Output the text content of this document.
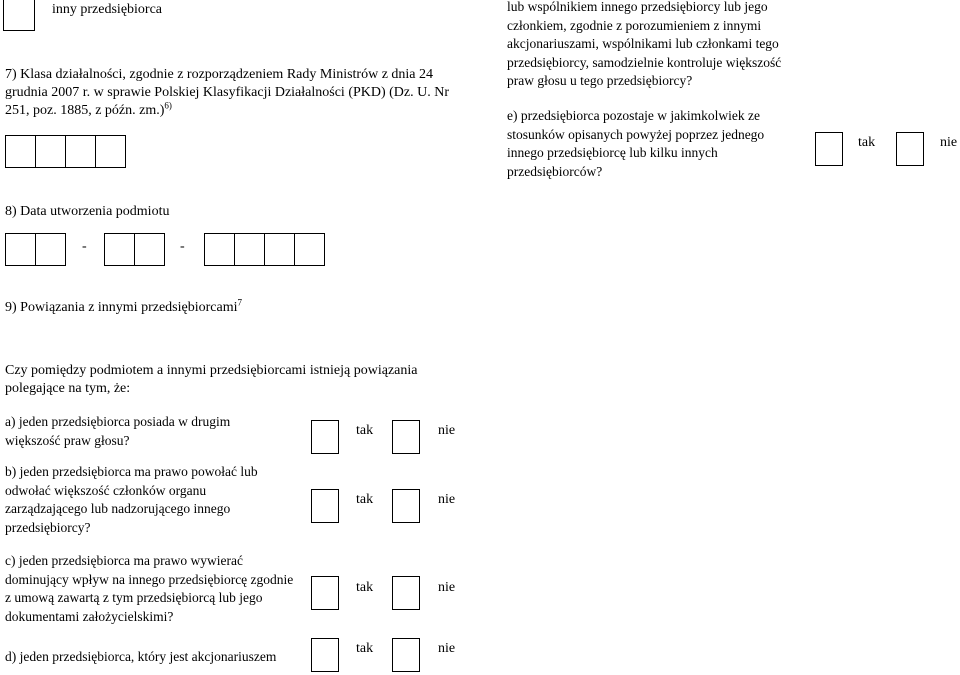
inny przedsiębiorca
7) Klasa działalności, zgodnie z rozporządzeniem Rady Ministrów z dnia 24 grudnia 2007 r. w sprawie Polskiej Klasyfikacji Działalności (PKD) (Dz. U. Nr 251, poz. 1885, z późn. zm.)$^{6)}$
8) Data utworzenia podmiotu
-	-
9) Powiązania z innymi przedsiębiorcami$^7$
Czy pomiędzy podmiotem a innymi przedsiębiorcami istnieją powiązania polegające na tym, że:
a) jeden przedsiębiorca posiada w drugim większość praw głosu?
tak	nie
b) jeden przedsiębiorca ma prawo powołać lub odwołać większość członków organu zarządzającego lub nadzorującego innego przedsiębiorcy?
tak	nie
c) jeden przedsiębiorca ma prawo wywierać dominujący wpływ na innego przedsiębiorcę zgodnie z umową zawartą z tym przedsiębiorcą lub jego dokumentami założycielskimi?
tak	nie
d) jeden przedsiębiorca, który jest akcjonariuszem
tak	nie
lub wspólnikiem innego przedsiębiorcy lub jego członkiem, zgodnie z porozumieniem z innymi akcjonariuszami, wspólnikami lub członkami tego przedsiębiorcy, samodzielnie kontroluje większość praw głosu u tego przedsiębiorcy?
e) przedsiębiorca pozostaje w jakimkolwiek ze stosunków opisanych powyżej poprzez jednego innego przedsiębiorcę lub kilku innych przedsiębiorców?
tak	nie
